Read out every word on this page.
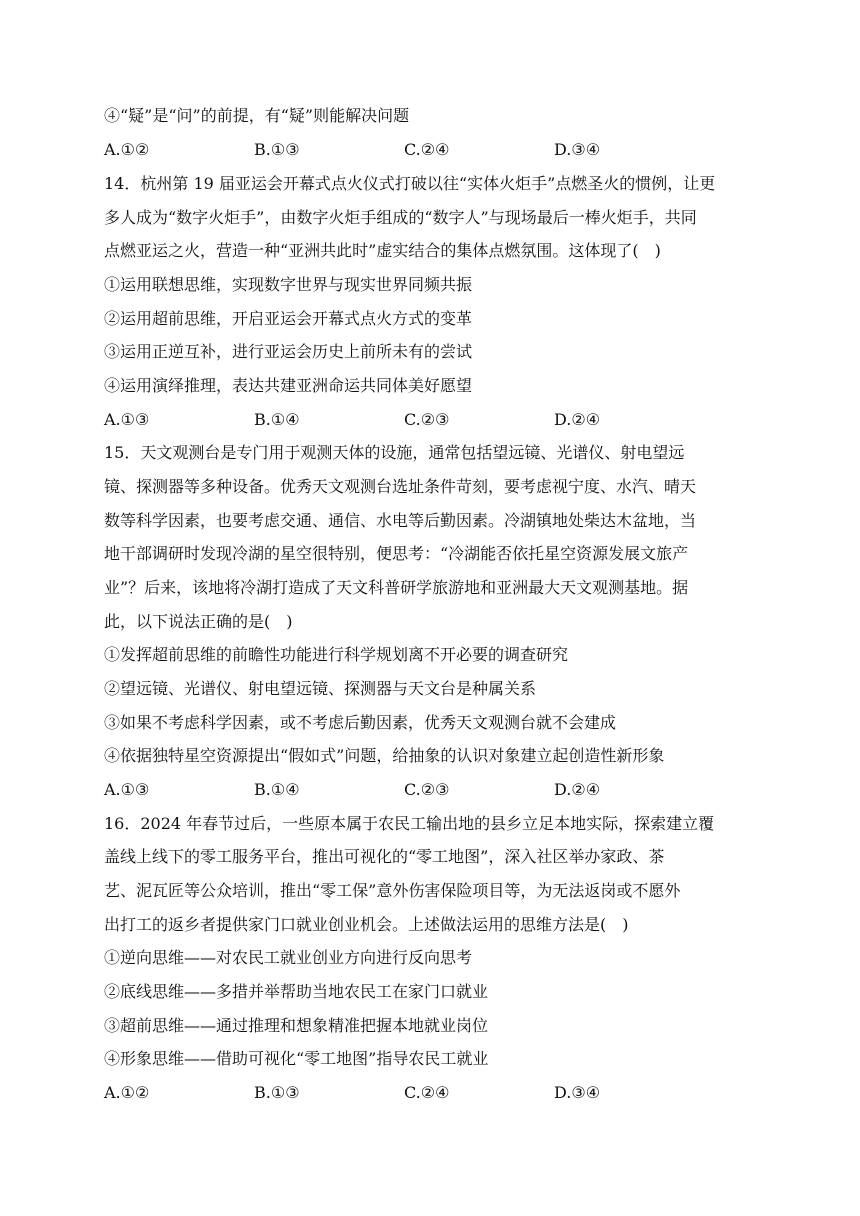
④“疑”是“问”的前提，有“疑”则能解决问题
A.①②	B.①③	C.②④	D.③④
14．杭州第 19 届亚运会开幕式点火仪式打破以往“实体火炬手”点燃圣火的惯例，让更
多人成为“数字火炬手”，由数字火炬手组成的“数字人”与现场最后一棒火炬手，共同
点燃亚运之火，营造一种“亚洲共此时”虚实结合的集体点燃氛围。这体现了(　)
①运用联想思维，实现数字世界与现实世界同频共振
②运用超前思维，开启亚运会开幕式点火方式的变革
③运用正逆互补，进行亚运会历史上前所未有的尝试
④运用演绎推理，表达共建亚洲命运共同体美好愿望
A.①③	B.①④	C.②③	D.②④
15．天文观测台是专门用于观测天体的设施，通常包括望远镜、光谱仪、射电望远
镜、探测器等多种设备。优秀天文观测台选址条件苛刻，要考虑视宁度、水汽、晴天
数等科学因素，也要考虑交通、通信、水电等后勤因素。冷湖镇地处柴达木盆地，当
地干部调研时发现冷湖的星空很特别，便思考：“冷湖能否依托星空资源发展文旅产
业”？后来，该地将冷湖打造成了天文科普研学旅游地和亚洲最大天文观测基地。据
此，以下说法正确的是(　)
①发挥超前思维的前瞻性功能进行科学规划离不开必要的调查研究
②望远镜、光谱仪、射电望远镜、探测器与天文台是种属关系
③如果不考虑科学因素，或不考虑后勤因素，优秀天文观测台就不会建成
④依据独特星空资源提出“假如式”问题，给抽象的认识对象建立起创造性新形象
A.①③	B.①④	C.②③	D.②④
16．2024 年春节过后，一些原本属于农民工输出地的县乡立足本地实际，探索建立覆
盖线上线下的零工服务平台，推出可视化的“零工地图”，深入社区举办家政、茶
艺、泥瓦匠等公众培训，推出“零工保”意外伤害保险项目等，为无法返岗或不愿外
出打工的返乡者提供家门口就业创业机会。上述做法运用的思维方法是(　)
①逆向思维——对农民工就业创业方向进行反向思考
②底线思维——多措并举帮助当地农民工在家门口就业
③超前思维——通过推理和想象精准把握本地就业岗位
④形象思维——借助可视化“零工地图”指导农民工就业
A.①②	B.①③	C.②④	D.③④
